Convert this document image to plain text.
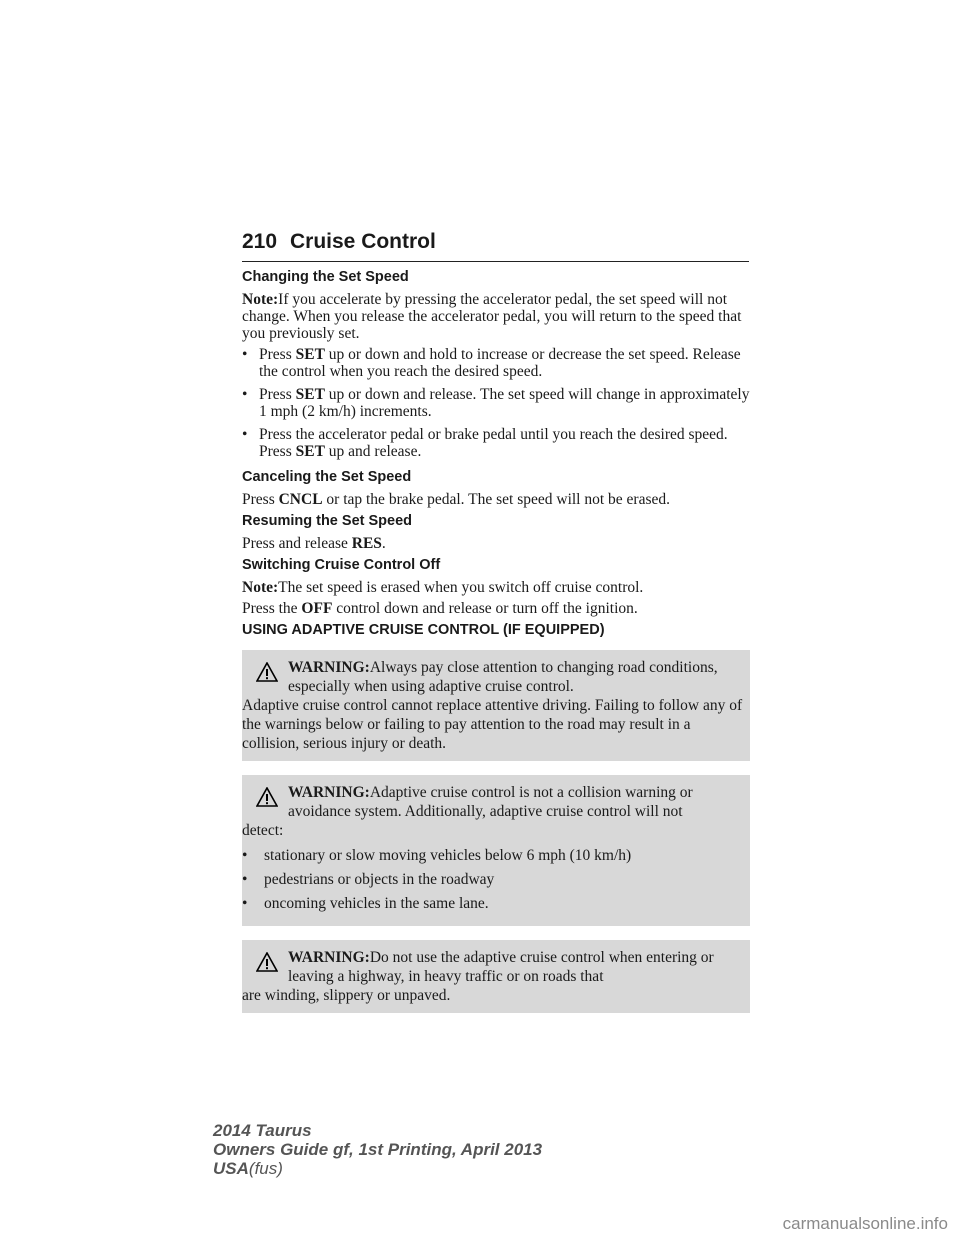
210 Cruise Control
Changing the Set Speed

Note:If you accelerate by pressing the accelerator pedal, the set speed will not change. When you release the accelerator pedal, you will return to the speed that you previously set.

• Press SET up or down and hold to increase or decrease the set speed. Release the control when you reach the desired speed.
• Press SET up or down and release. The set speed will change in approximately 1 mph (2 km/h) increments.
• Press the accelerator pedal or brake pedal until you reach the desired speed. Press SET up and release.
Canceling the Set Speed

Press CNCL or tap the brake pedal. The set speed will not be erased.

Resuming the Set Speed

Press and release RES.

Switching Cruise Control Off

Note:The set speed is erased when you switch off cruise control.

Press the OFF control down and release or turn off the ignition.

USING ADAPTIVE CRUISE CONTROL (IF EQUIPPED)
WARNING:Always pay close attention to changing road conditions, especially when using adaptive cruise control.
Adaptive cruise control cannot replace attentive driving. Failing to follow any of the warnings below or failing to pay attention to the road may result in a collision, serious injury or death.
WARNING:Adaptive cruise control is not a collision warning or avoidance system. Additionally, adaptive cruise control will not
detect:
• stationary or slow moving vehicles below 6 mph (10 km/h)
• pedestrians or objects in the roadway
• oncoming vehicles in the same lane.
WARNING:Do not use the adaptive cruise control when entering or leaving a highway, in heavy traffic or on roads that
are winding, slippery or unpaved.
2014 Taurus
Owners Guide gf, 1st Printing, April 2013
USA(fus)
carmanualsonline.info
